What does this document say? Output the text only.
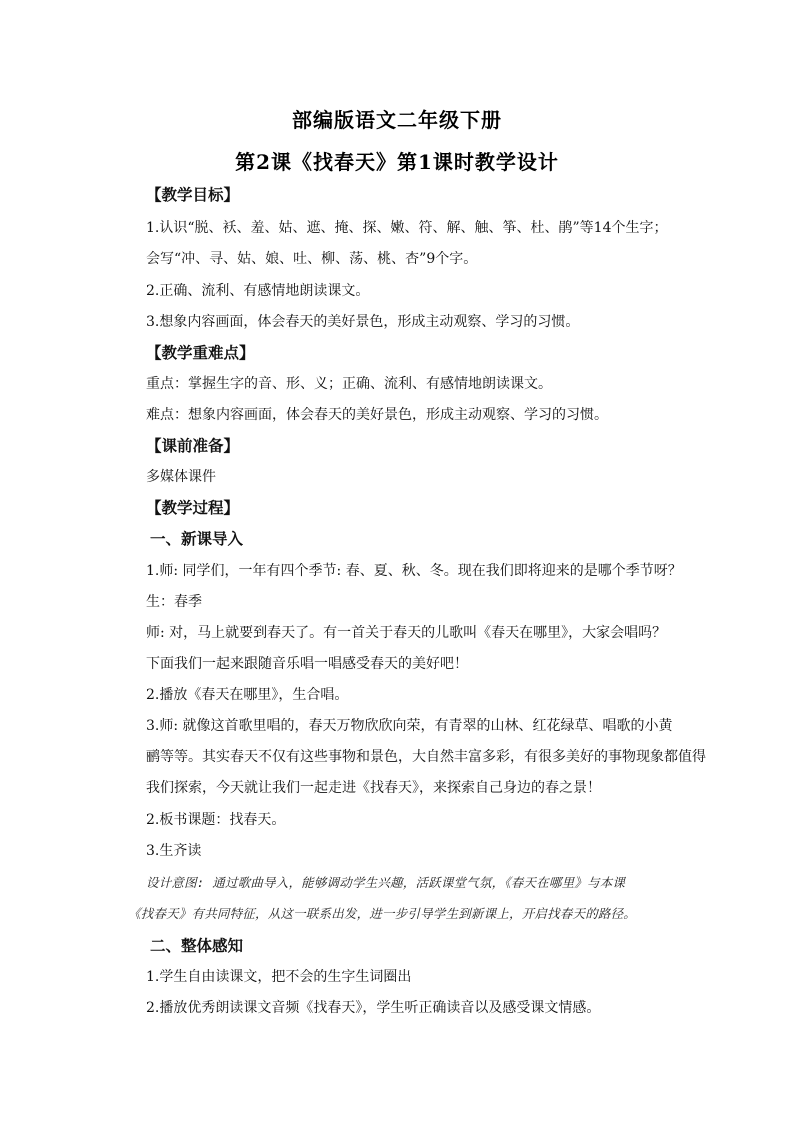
部编版语文二年级下册
第2课《找春天》第1课时教学设计
【教学目标】
1.认识“脱、袄、羞、姑、遮、掩、探、嫩、符、解、触、筝、杜、鹃”等14个生字；
会写“冲、寻、姑、娘、吐、柳、荡、桃、杏”9个字。
2.正确、流利、有感情地朗读课文。
3.想象内容画面，体会春天的美好景色，形成主动观察、学习的习惯。
【教学重难点】
重点：掌握生字的音、形、义；正确、流利、有感情地朗读课文。
难点：想象内容画面，体会春天的美好景色，形成主动观察、学习的习惯。
【课前准备】
多媒体课件
【教学过程】
一、新课导入
1.师: 同学们，一年有四个季节: 春、夏、秋、冬。现在我们即将迎来的是哪个季节呀？
生：春季
师: 对，马上就要到春天了。有一首关于春天的儿歌叫《春天在哪里》，大家会唱吗？
下面我们一起来跟随音乐唱一唱感受春天的美好吧！
2.播放《春天在哪里》，生合唱。
3.师: 就像这首歌里唱的，春天万物欣欣向荣，有青翠的山林、红花绿草、唱歌的小黄
鹂等等。其实春天不仅有这些事物和景色，大自然丰富多彩，有很多美好的事物现象都值得
我们探索，今天就让我们一起走进《找春天》，来探索自己身边的春之景！
2.板书课题：找春天。
3.生齐读
设计意图: 通过歌曲导入，能够调动学生兴趣，活跃课堂气氛，《春天在哪里》与本课
《找春天》有共同特征，从这一联系出发，进一步引导学生到新课上，开启找春天的路径。
二、整体感知
1.学生自由读课文，把不会的生字生词圈出
2.播放优秀朗读课文音频《找春天》，学生听正确读音以及感受课文情感。
